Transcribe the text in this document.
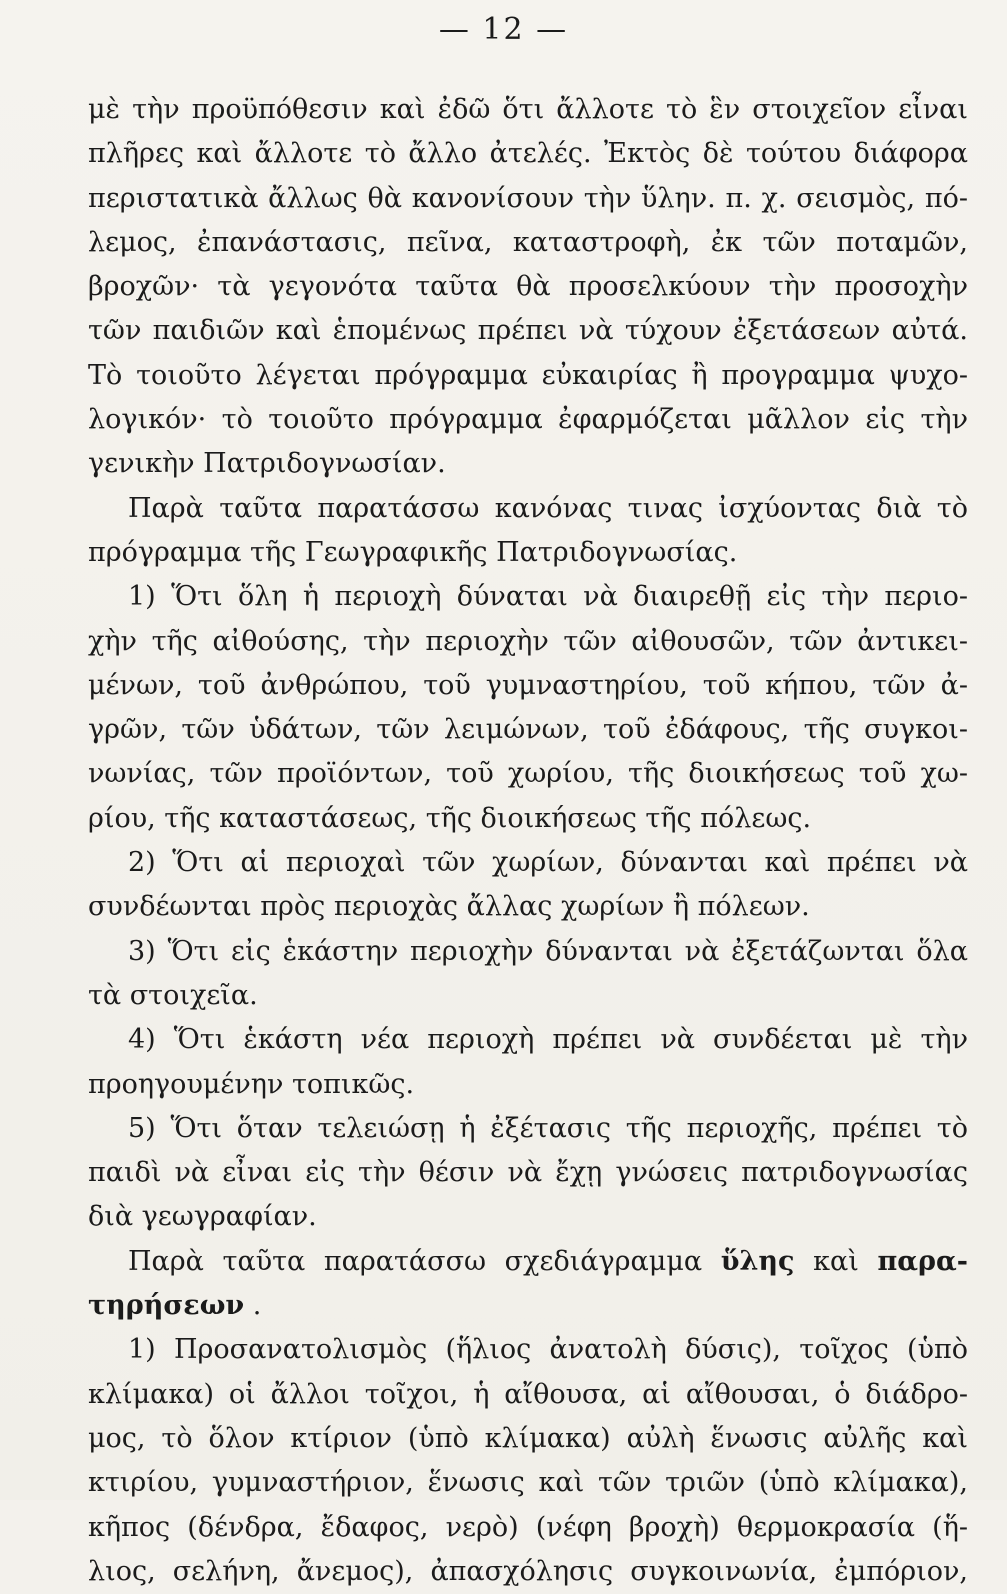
— 12 —
μὲ τὴν προϋπόθεσιν καὶ ἐδῶ ὅτι ἄλλοτε τὸ ἓν στοιχεῖον εἶναι
πλῆρες καὶ ἄλλοτε τὸ ἄλλο ἀτελές. Ἐκτὸς δὲ τούτου διάφορα
περιστατικὰ ἄλλως θὰ κανονίσουν τὴν ὕλην. π. χ. σεισμὸς, πό-
λεμος, ἐπανάστασις, πεῖνα, καταστροφὴ, ἐκ τῶν ποταμῶν,
βροχῶν· τὰ γεγονότα ταῦτα θὰ προσελκύουν τὴν προσοχὴν
τῶν παιδιῶν καὶ ἑπομένως πρέπει νὰ τύχουν ἐξετάσεων αὐτά.
Τὸ τοιοῦτο λέγεται πρόγραμμα εὐκαιρίας ἢ προγραμμα ψυχο-
λογικόν· τὸ τοιοῦτο πρόγραμμα ἐφαρμόζεται μᾶλλον εἰς τὴν
γενικὴν Πατριδογνωσίαν.
Παρὰ ταῦτα παρατάσσω κανόνας τινας ἰσχύοντας διὰ τὸ
πρόγραμμα τῆς Γεωγραφικῆς Πατριδογνωσίας.
1) Ὅτι ὅλη ἡ περιοχὴ δύναται νὰ διαιρεθῇ εἰς τὴν περιο-
χὴν τῆς αἰθούσης, τὴν περιοχὴν τῶν αἰθουσῶν, τῶν ἀντικει-
μένων, τοῦ ἀνθρώπου, τοῦ γυμναστηρίου, τοῦ κήπου, τῶν ἀ-
γρῶν, τῶν ὑδάτων, τῶν λειμώνων, τοῦ ἐδάφους, τῆς συγκοι-
νωνίας, τῶν προϊόντων, τοῦ χωρίου, τῆς διοικήσεως τοῦ χω-
ρίου, τῆς καταστάσεως, τῆς διοικήσεως τῆς πόλεως.
2) Ὅτι αἱ περιοχαὶ τῶν χωρίων, δύνανται καὶ πρέπει νὰ
συνδέωνται πρὸς περιοχὰς ἄλλας χωρίων ἢ πόλεων.
3) Ὅτι εἰς ἑκάστην περιοχὴν δύνανται νὰ ἐξετάζωνται ὅλα
τὰ στοιχεῖα.
4) Ὅτι ἑκάστη νέα περιοχὴ πρέπει νὰ συνδέεται μὲ τὴν
προηγουμένην τοπικῶς.
5) Ὅτι ὅταν τελειώσῃ ἡ ἐξέτασις τῆς περιοχῆς, πρέπει τὸ
παιδὶ νὰ εἶναι εἰς τὴν θέσιν νὰ ἔχῃ γνώσεις πατριδογνωσίας
διὰ γεωγραφίαν.
Παρὰ ταῦτα παρατάσσω σχεδιάγραμμα ὕλης καὶ παρα-
τηρήσεων .
1) Προσανατολισμὸς (ἥλιος ἀνατολὴ δύσις), τοῖχος (ὑπὸ
κλίμακα) οἱ ἄλλοι τοῖχοι, ἡ αἴθουσα, αἱ αἴθουσαι, ὁ διάδρο-
μος, τὸ ὅλον κτίριον (ὑπὸ κλίμακα) αὐλὴ ἕνωσις αὐλῆς καὶ
κτιρίου, γυμναστήριον, ἕνωσις καὶ τῶν τριῶν (ὑπὸ κλίμακα),
κῆπος (δένδρα, ἔδαφος, νερὸ) (νέφη βροχὴ) θερμοκρασία (ἥ-
λιος, σελήνη, ἄνεμος), ἀπασχόλησις συγκοινωνία, ἐμπόριον,
